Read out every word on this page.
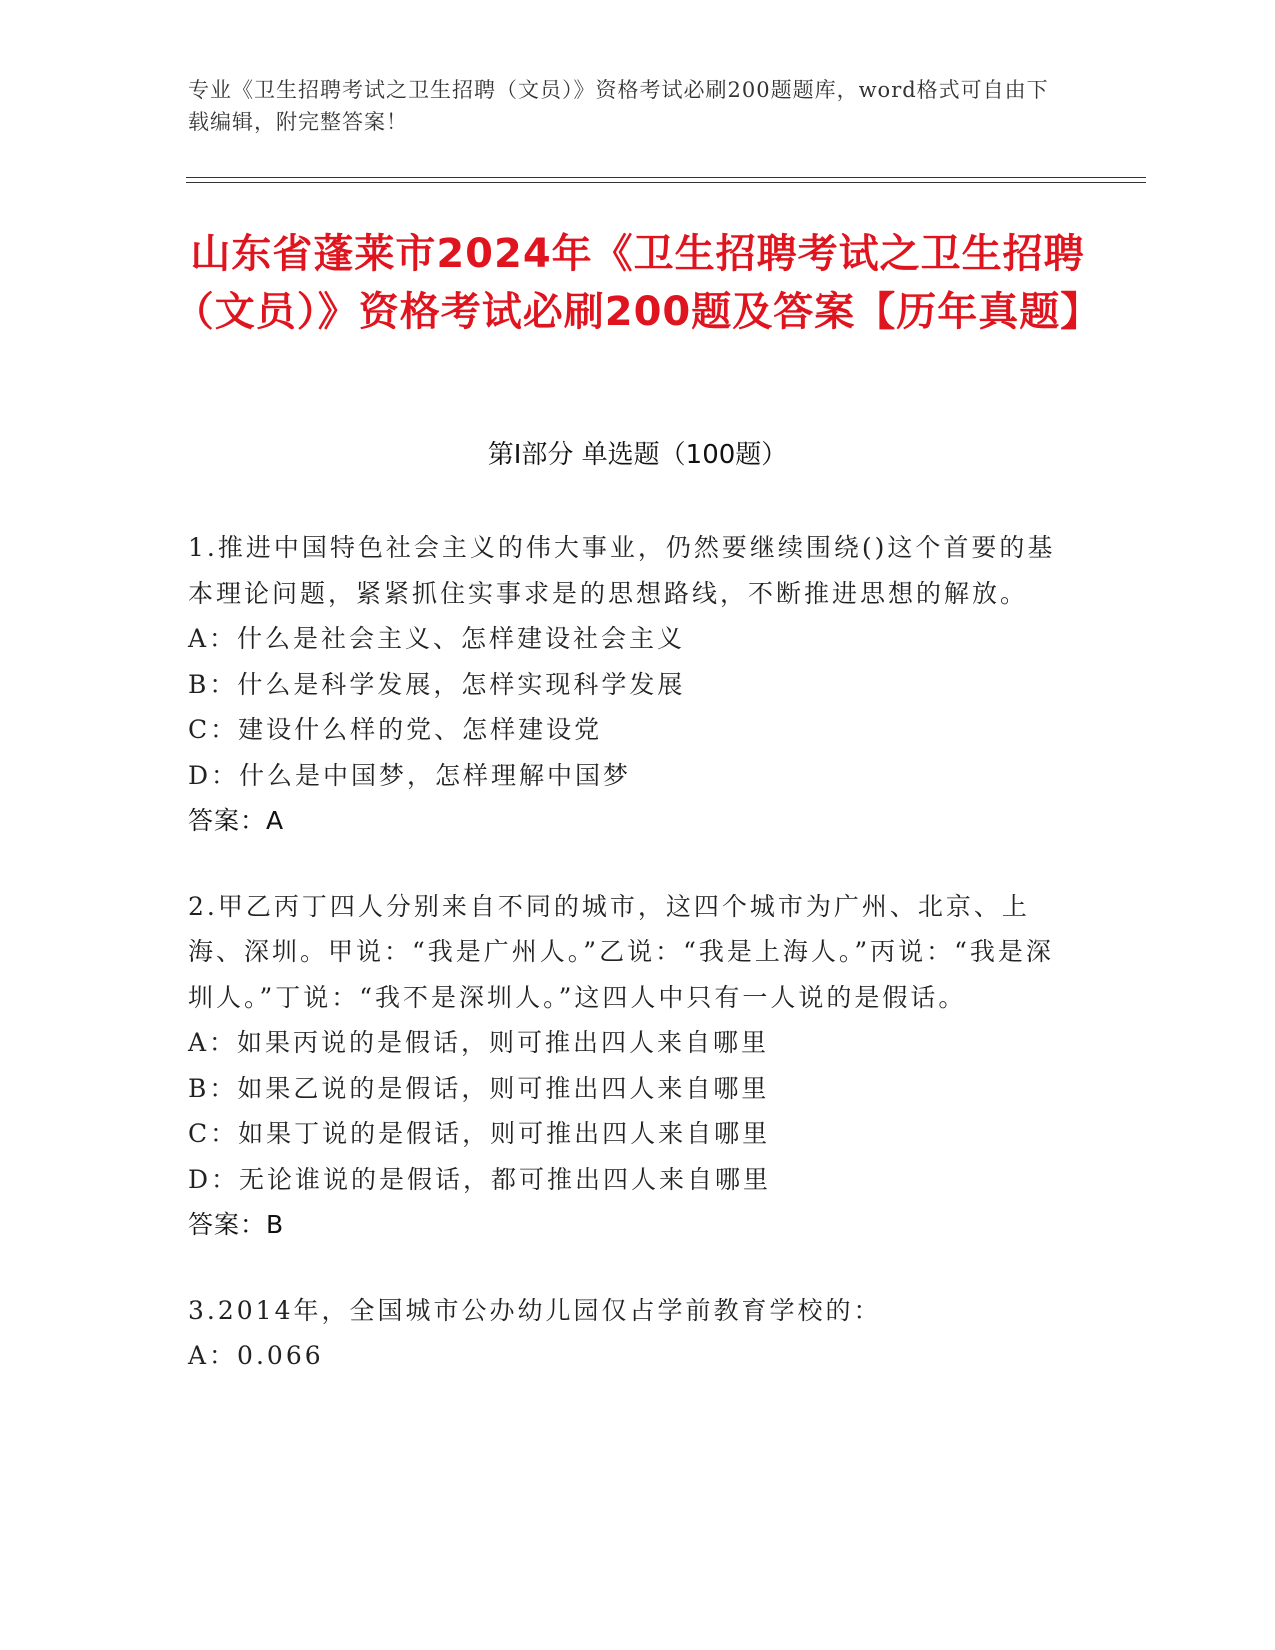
专业《卫生招聘考试之卫生招聘（文员）》资格考试必刷200题题库，word格式可自由下载编辑，附完整答案！
山东省蓬莱市2024年《卫生招聘考试之卫生招聘（文员）》资格考试必刷200题及答案【历年真题】
第Ⅰ部分 单选题（100题）
1.推进中国特色社会主义的伟大事业，仍然要继续围绕()这个首要的基本理论问题，紧紧抓住实事求是的思想路线，不断推进思想的解放。
A：什么是社会主义、怎样建设社会主义
B：什么是科学发展，怎样实现科学发展
C：建设什么样的党、怎样建设党
D：什么是中国梦，怎样理解中国梦
答案：A
2.甲乙丙丁四人分别来自不同的城市，这四个城市为广州、北京、上海、深圳。甲说：“我是广州人。”乙说：“我是上海人。”丙说：“我是深圳人。”丁说：“我不是深圳人。”这四人中只有一人说的是假话。
A：如果丙说的是假话，则可推出四人来自哪里
B：如果乙说的是假话，则可推出四人来自哪里
C：如果丁说的是假话，则可推出四人来自哪里
D：无论谁说的是假话，都可推出四人来自哪里
答案：B
3.2014年，全国城市公办幼儿园仅占学前教育学校的：
A：0.066
